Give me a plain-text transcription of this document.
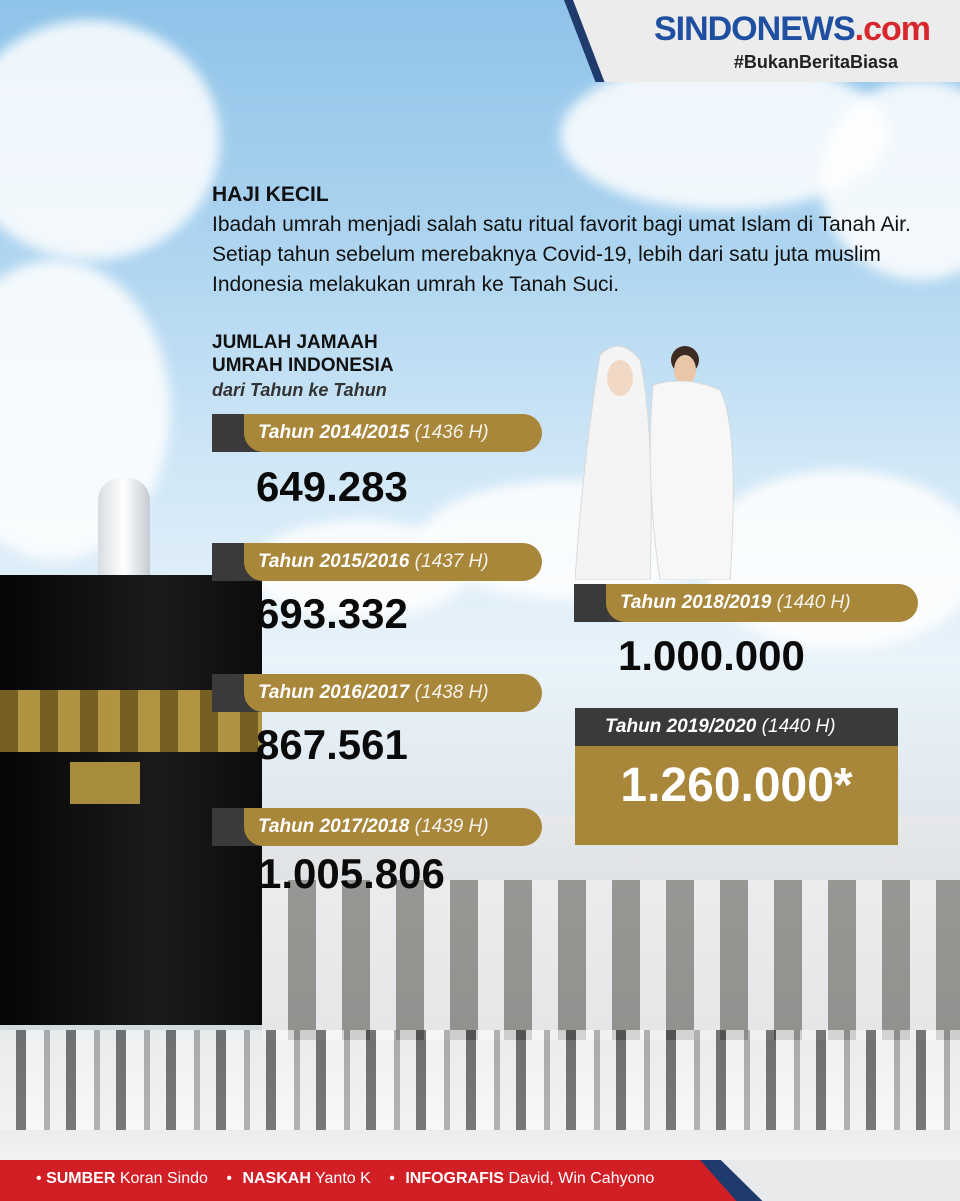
SINDONEWS.com
#BukanBeritaBiasa
HAJI KECIL
Ibadah umrah menjadi salah satu ritual favorit bagi umat Islam di Tanah Air. Setiap tahun sebelum merebaknya Covid-19, lebih dari satu juta muslim Indonesia melakukan umrah ke Tanah Suci.
JUMLAH JAMAAH
UMRAH INDONESIA
dari Tahun ke Tahun
Tahun 2014/2015 (1436 H)
649.283
Tahun 2015/2016 (1437 H)
693.332
Tahun 2016/2017 (1438 H)
867.561
Tahun 2017/2018 (1439 H)
1.005.806
Tahun 2018/2019 (1440 H)
1.000.000
Tahun 2019/2020 (1440 H)
1.260.000*
• SUMBER Koran Sindo • NASKAH Yanto K • INFOGRAFIS David, Win Cahyono
